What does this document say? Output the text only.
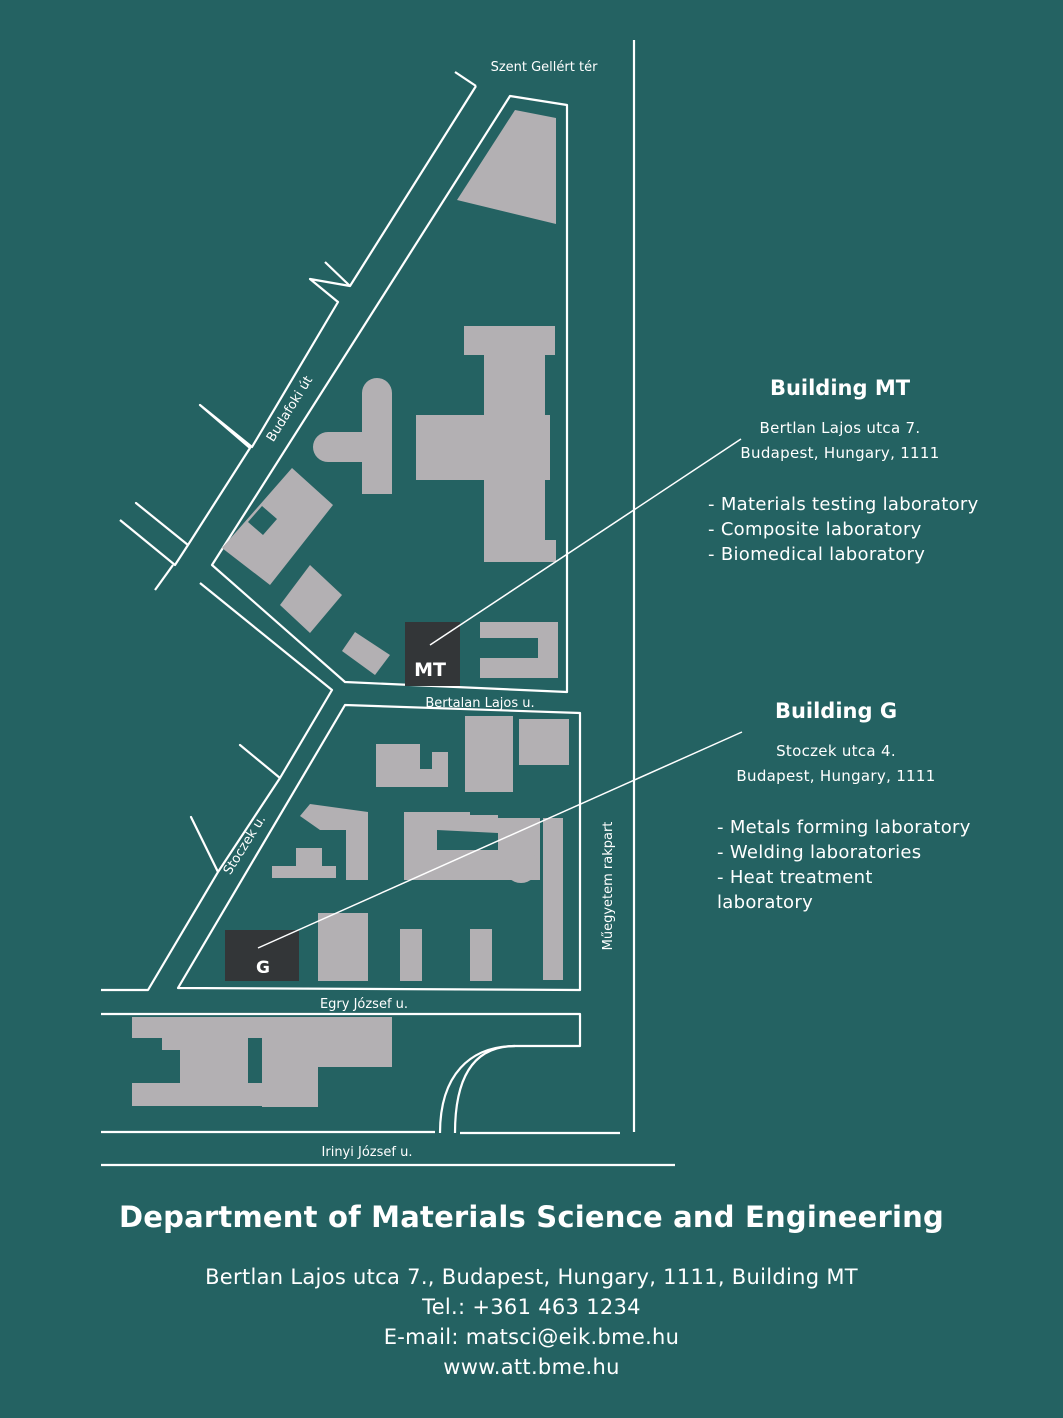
MT
G
Szent Gellért tér
Budafoki út
Bertalan Lajos u.
Stoczek u.	Műegyetem rakpart
Egry József u.
Irinyi József u.
Building MT
Bertlan Lajos utca 7.
Budapest, Hungary, 1111
- Materials testing laboratory
- Composite laboratory
- Biomedical laboratory
Building G
Stoczek utca 4.
Budapest, Hungary, 1111
- Metals forming laboratory
- Welding laboratories
- Heat treatment laboratory
Department of Materials Science and Engineering
Bertlan Lajos utca 7., Budapest, Hungary, 1111, Building MT
Tel.: +361 463 1234
E-mail: matsci@eik.bme.hu
www.att.bme.hu
